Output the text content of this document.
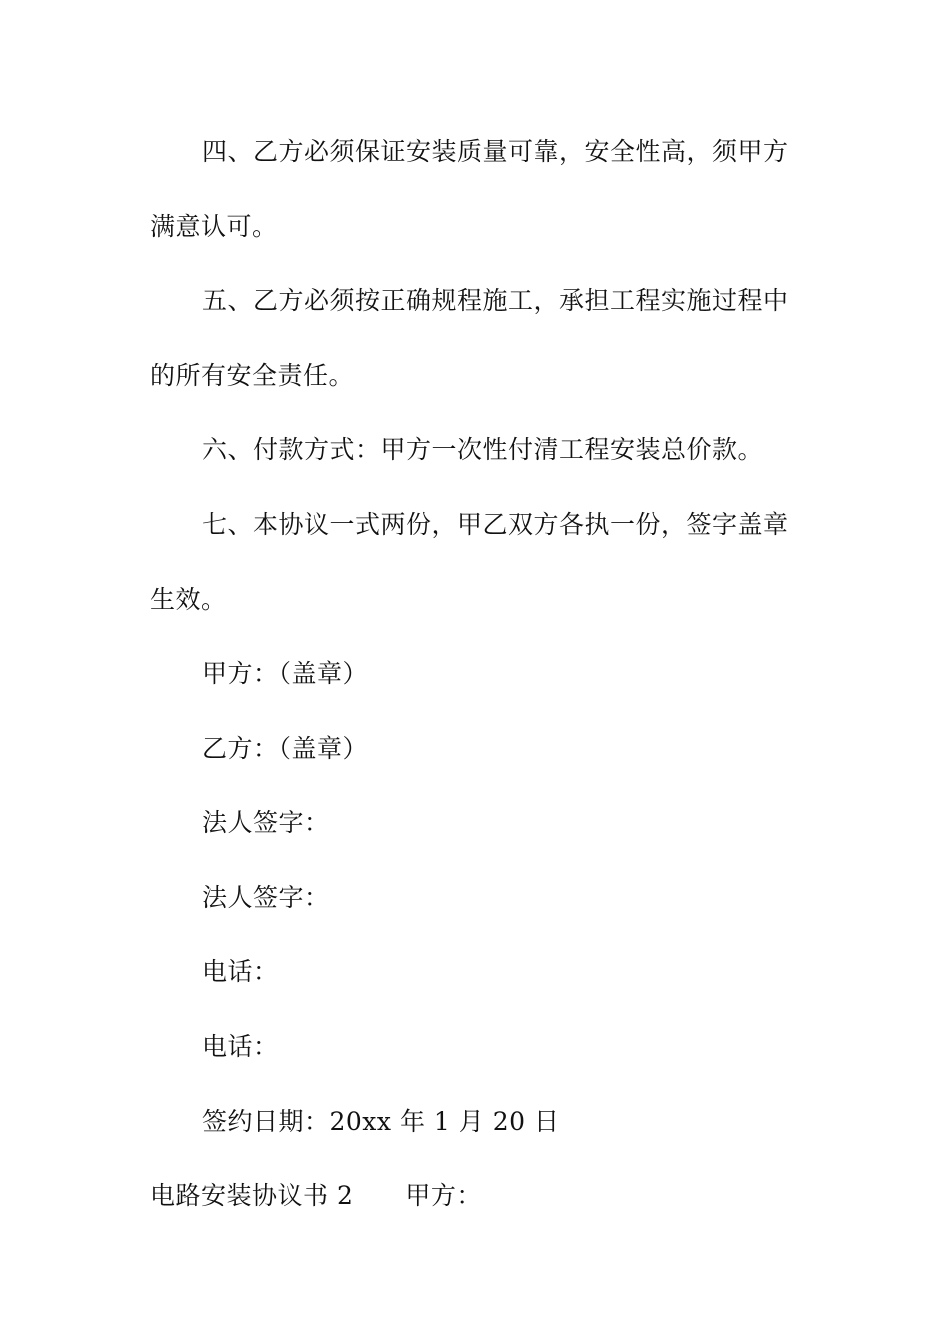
四、乙方必须保证安装质量可靠，安全性高，须甲方
满意认可。
五、乙方必须按正确规程施工，承担工程实施过程中
的所有安全责任。
六、付款方式：甲方一次性付清工程安装总价款。
七、本协议一式两份，甲乙双方各执一份，签字盖章
生效。
甲方：（盖章）
乙方：（盖章）
法人签字：
法人签字：
电话：
电话：
签约日期：20xx 年 1 月 20 日
电路安装协议书 2 甲方：
